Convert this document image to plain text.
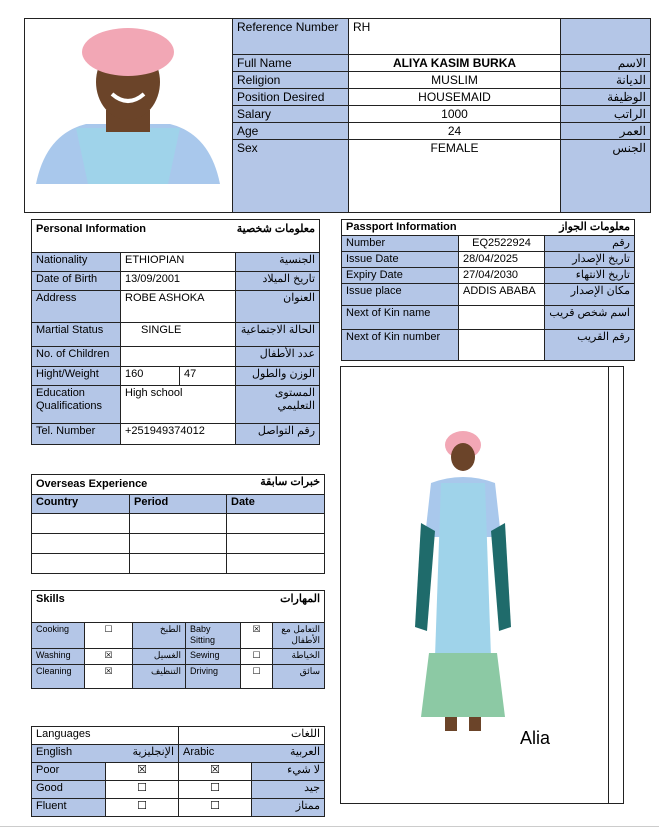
	Reference Number	RH	
	Full Name	ALIYA KASIM BURKA	الاسم
	Religion	MUSLIM	الديانة
	Position Desired	HOUSEMAID	الوظيفة
	Salary	1000	الراتب
	Age	24	العمر
	Sex	FEMALE	الجنس
Personal Information		معلومات شخصية	
Nationality	ETHIOPIAN		الجنسية
Date of Birth	13/09/2001		تاريخ الميلاد
Address	ROBE ASHOKA		العنوان
Martial Status	SINGLE		الحالة الاجتماعية
No. of Children			عدد الأطفال
Hight/Weight	160	47	الوزن والطول
Education Qualifications	High school		المستوى التعليمي
Tel. Number	+251949374012		رقم التواصل
Passport Information		معلومات الجواز
Number	EQ2522924	رقم
Issue Date	28/04/2025	تاريخ الإصدار
Expiry Date	27/04/2030	تاريخ الانتهاء
Issue place	ADDIS ABABA	مكان الإصدار
Next of Kin name		اسم شخص قريب
Next of Kin number		رقم القريب
Alia
Overseas Experience		خبرات سابقة
Country	Period	Date

Skills			المهارات		
Cooking	☐	الطبخ	Baby Sitting	☒	التعامل مع الأطفال
Washing	☒	الغسيل	Sewing	☐	الخياطة
Cleaning	☒	التنظيف	Driving	☐	سائق
Languages		اللغات	
English	الإنجليزية	Arabic	العربية
Poor	☒	☒	لا شيء
Good	☐	☐	جيد
Fluent	☐	☐	ممتاز
